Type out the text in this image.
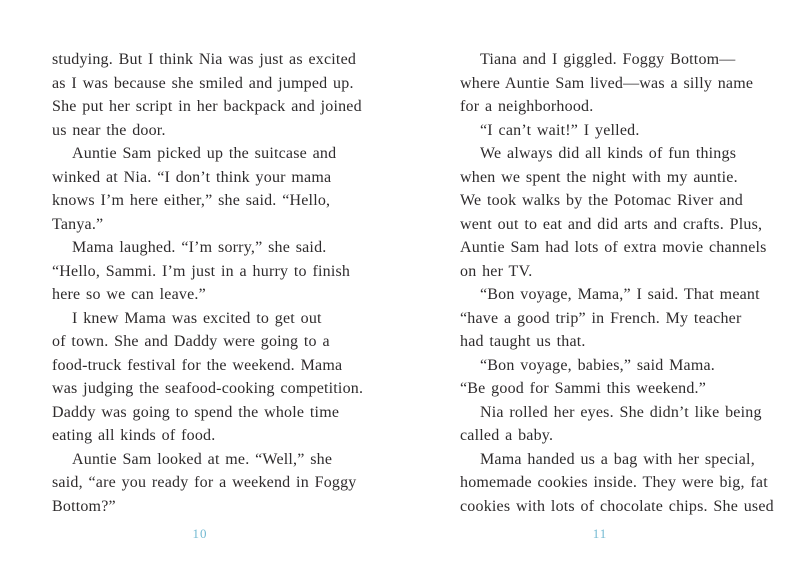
studying. But I think Nia was just as excited
as I was because she smiled and jumped up.
She put her script in her backpack and joined
us near the door.
Auntie Sam picked up the suitcase and
winked at Nia. “I don’t think your mama
knows I’m here either,” she said. “Hello,
Tanya.”
Mama laughed. “I’m sorry,” she said.
“Hello, Sammi. I’m just in a hurry to finish
here so we can leave.”
I knew Mama was excited to get out
of town. She and Daddy were going to a
food-truck festival for the weekend. Mama
was judging the seafood-cooking competition.
Daddy was going to spend the whole time
eating all kinds of food.
Auntie Sam looked at me. “Well,” she
said, “are you ready for a weekend in Foggy
Bottom?”
10
Tiana and I giggled. Foggy Bottom—
where Auntie Sam lived—was a silly name
for a neighborhood.
“I can’t wait!” I yelled.
We always did all kinds of fun things
when we spent the night with my auntie.
We took walks by the Potomac River and
went out to eat and did arts and crafts. Plus,
Auntie Sam had lots of extra movie channels
on her TV.
“Bon voyage, Mama,” I said. That meant
“have a good trip” in French. My teacher
had taught us that.
“Bon voyage, babies,” said Mama.
“Be good for Sammi this weekend.”
Nia rolled her eyes. She didn’t like being
called a baby.
Mama handed us a bag with her special,
homemade cookies inside. They were big, fat
cookies with lots of chocolate chips. She used
11
